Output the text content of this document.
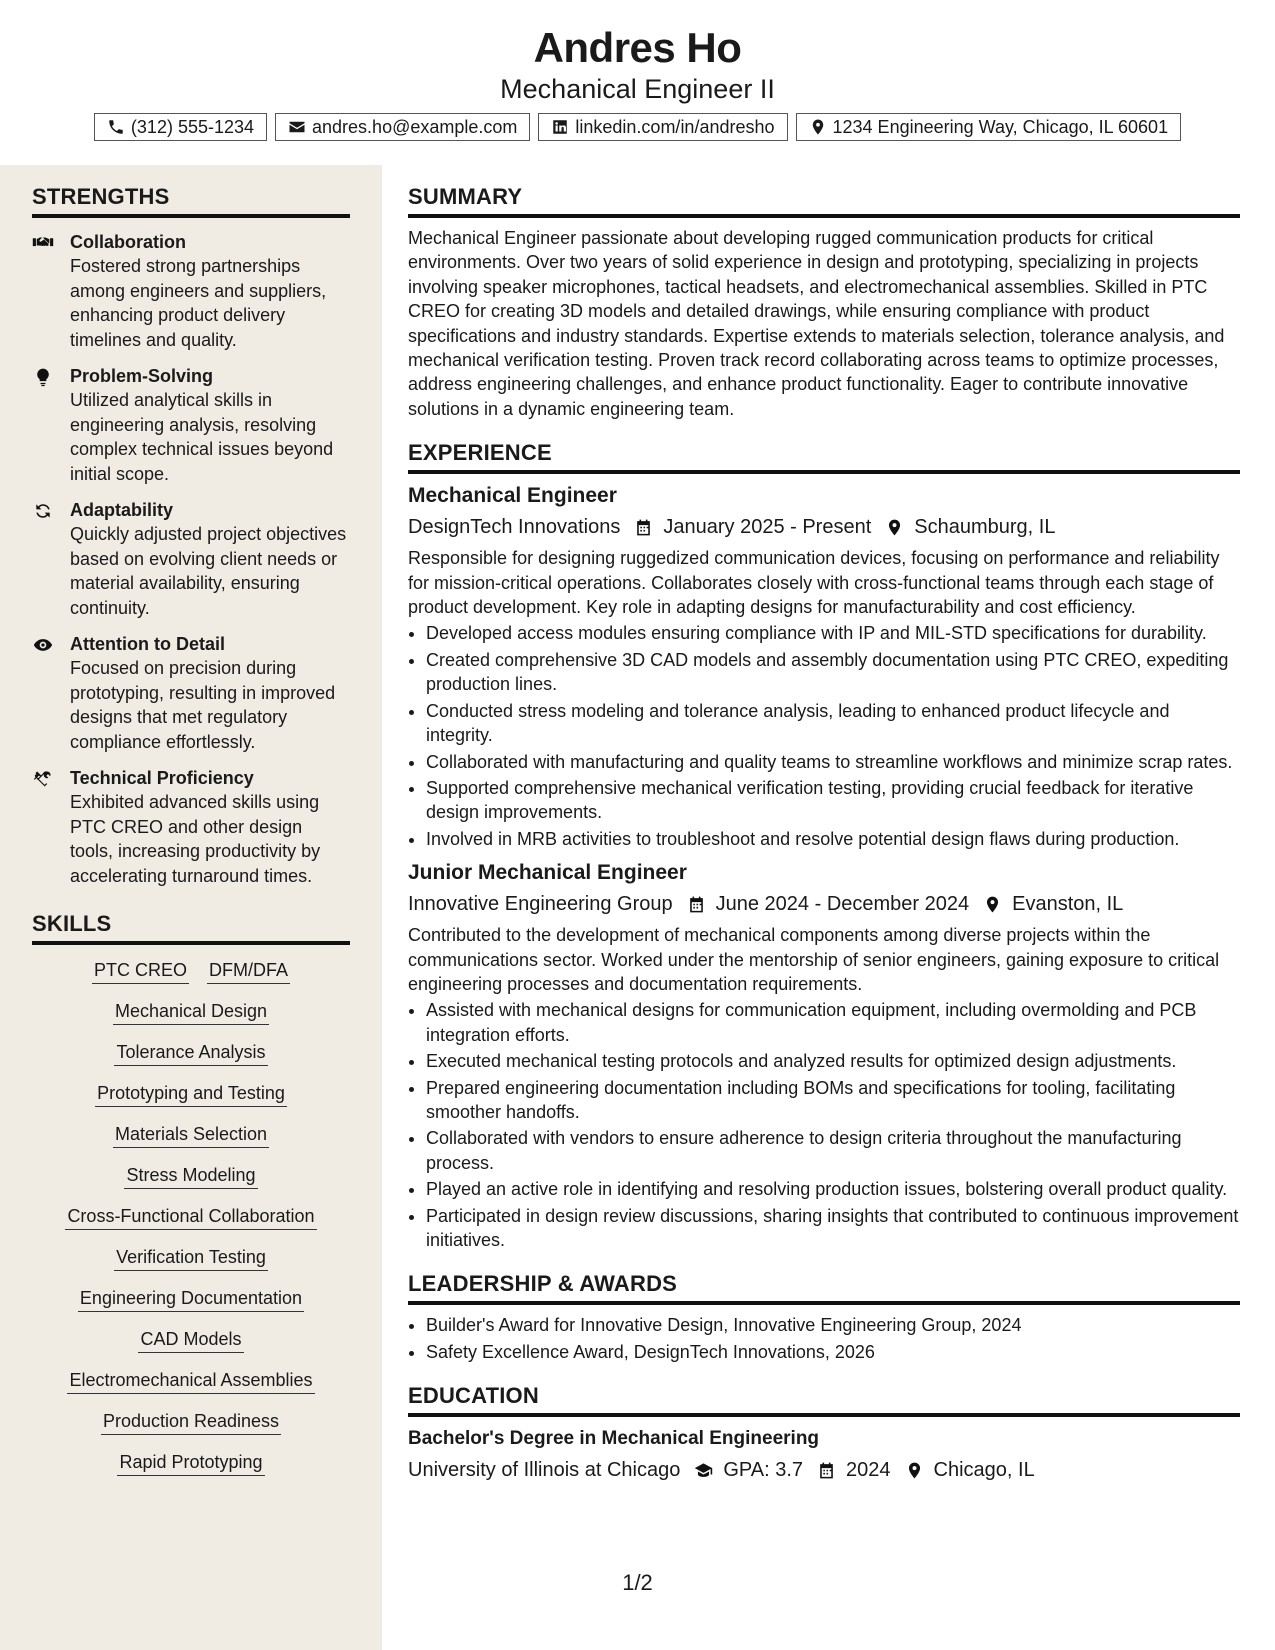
Andres Ho
Mechanical Engineer II
(312) 555-1234	andres.ho@example.com	linkedin.com/in/andresho	1234 Engineering Way, Chicago, IL 60601
STRENGTHS
Collaboration
Fostered strong partnerships among engineers and suppliers, enhancing product delivery timelines and quality.
Problem-Solving
Utilized analytical skills in engineering analysis, resolving complex technical issues beyond initial scope.
Adaptability
Quickly adjusted project objectives based on evolving client needs or material availability, ensuring continuity.
Attention to Detail
Focused on precision during prototyping, resulting in improved designs that met regulatory compliance effortlessly.
Technical Proficiency
Exhibited advanced skills using PTC CREO and other design tools, increasing productivity by accelerating turnaround times.
SKILLS
PTC CREO DFM/DFA
Mechanical Design
Tolerance Analysis
Prototyping and Testing
Materials Selection
Stress Modeling
Cross-Functional Collaboration
Verification Testing
Engineering Documentation
CAD Models
Electromechanical Assemblies
Production Readiness
Rapid Prototyping
SUMMARY

Mechanical Engineer passionate about developing rugged communication products for critical environments. Over two years of solid experience in design and prototyping, specializing in projects involving speaker microphones, tactical headsets, and electromechanical assemblies. Skilled in PTC CREO for creating 3D models and detailed drawings, while ensuring compliance with product specifications and industry standards. Expertise extends to materials selection, tolerance analysis, and mechanical verification testing. Proven track record collaborating across teams to optimize processes, address engineering challenges, and enhance product functionality. Eager to contribute innovative solutions in a dynamic engineering team.

EXPERIENCE
Mechanical Engineer
DesignTech Innovations January 2025 - Present Schaumburg, IL

Responsible for designing ruggedized communication devices, focusing on performance and reliability for mission-critical operations. Collaborates closely with cross-functional teams through each stage of product development. Key role in adapting designs for manufacturability and cost efficiency.

• Developed access modules ensuring compliance with IP and MIL-STD specifications for durability.
• Created comprehensive 3D CAD models and assembly documentation using PTC CREO, expediting production lines.
• Conducted stress modeling and tolerance analysis, leading to enhanced product lifecycle and integrity.
• Collaborated with manufacturing and quality teams to streamline workflows and minimize scrap rates.
• Supported comprehensive mechanical verification testing, providing crucial feedback for iterative design improvements.
• Involved in MRB activities to troubleshoot and resolve potential design flaws during production.
Junior Mechanical Engineer
Innovative Engineering Group June 2024 - December 2024 Evanston, IL

Contributed to the development of mechanical components among diverse projects within the communications sector. Worked under the mentorship of senior engineers, gaining exposure to critical engineering processes and documentation requirements.

• Assisted with mechanical designs for communication equipment, including overmolding and PCB integration efforts.
• Executed mechanical testing protocols and analyzed results for optimized design adjustments.
• Prepared engineering documentation including BOMs and specifications for tooling, facilitating smoother handoffs.
• Collaborated with vendors to ensure adherence to design criteria throughout the manufacturing process.
• Played an active role in identifying and resolving production issues, bolstering overall product quality.
• Participated in design review discussions, sharing insights that contributed to continuous improvement initiatives.
LEADERSHIP & AWARDS
• Builder's Award for Innovative Design, Innovative Engineering Group, 2024
• Safety Excellence Award, DesignTech Innovations, 2026
EDUCATION
Bachelor's Degree in Mechanical Engineering
University of Illinois at Chicago GPA: 3.7 2024 Chicago, IL
1/2
